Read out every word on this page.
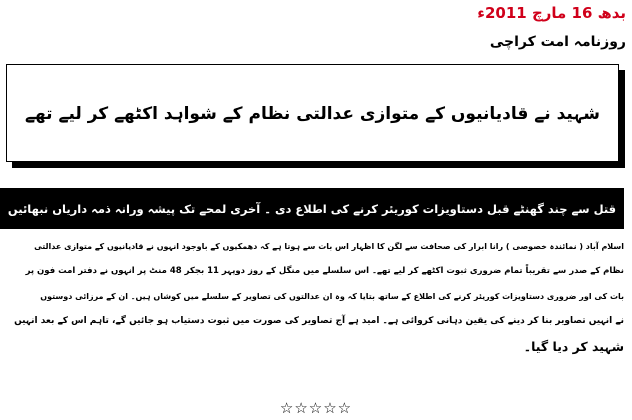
بدھ 16 مارچ 2011ء
روزنامہ امت کراچی
شہید نے قادیانیوں کے متوازی عدالتی نظام کے شواہد اکٹھے کر لیے تھے
قتل سے چند گھنٹے قبل دستاویزات کوریئر کرنے کی اطلاع دی ۔ آخری لمحے تک پیشہ ورانہ ذمہ داریاں نبھائیں
اسلام آباد ( نمائندہ خصوصی ) رانا ابرار کی صحافت سے لگن کا اظہار اس بات سے ہوتا ہے کہ دھمکیوں کے باوجود انہوں نے قادیانیوں کے متوازی عدالتی
نظام کے صدر سے تقریباً تمام ضروری ثبوت اکٹھے کر لیے تھے۔ اس سلسلے میں منگل کے روز دوپہر 11 بجکر 48 منٹ پر انہوں نے دفتر امت فون پر
بات کی اور ضروری دستاویزات کوریئر کرنے کی اطلاع کے ساتھ بتایا کہ وہ ان عدالتوں کی تصاویر کے سلسلے میں کوشاں ہیں۔ ان کے مرزائی دوستوں
نے انہیں تصاویر بنا کر دینے کی یقین دہانی کروائی ہے۔ امید ہے آج تصاویر کی صورت میں ثبوت دستیاب ہو جائیں گے، تاہم اس کے بعد انہیں
شہید کر دیا گیا۔
☆☆☆☆☆
